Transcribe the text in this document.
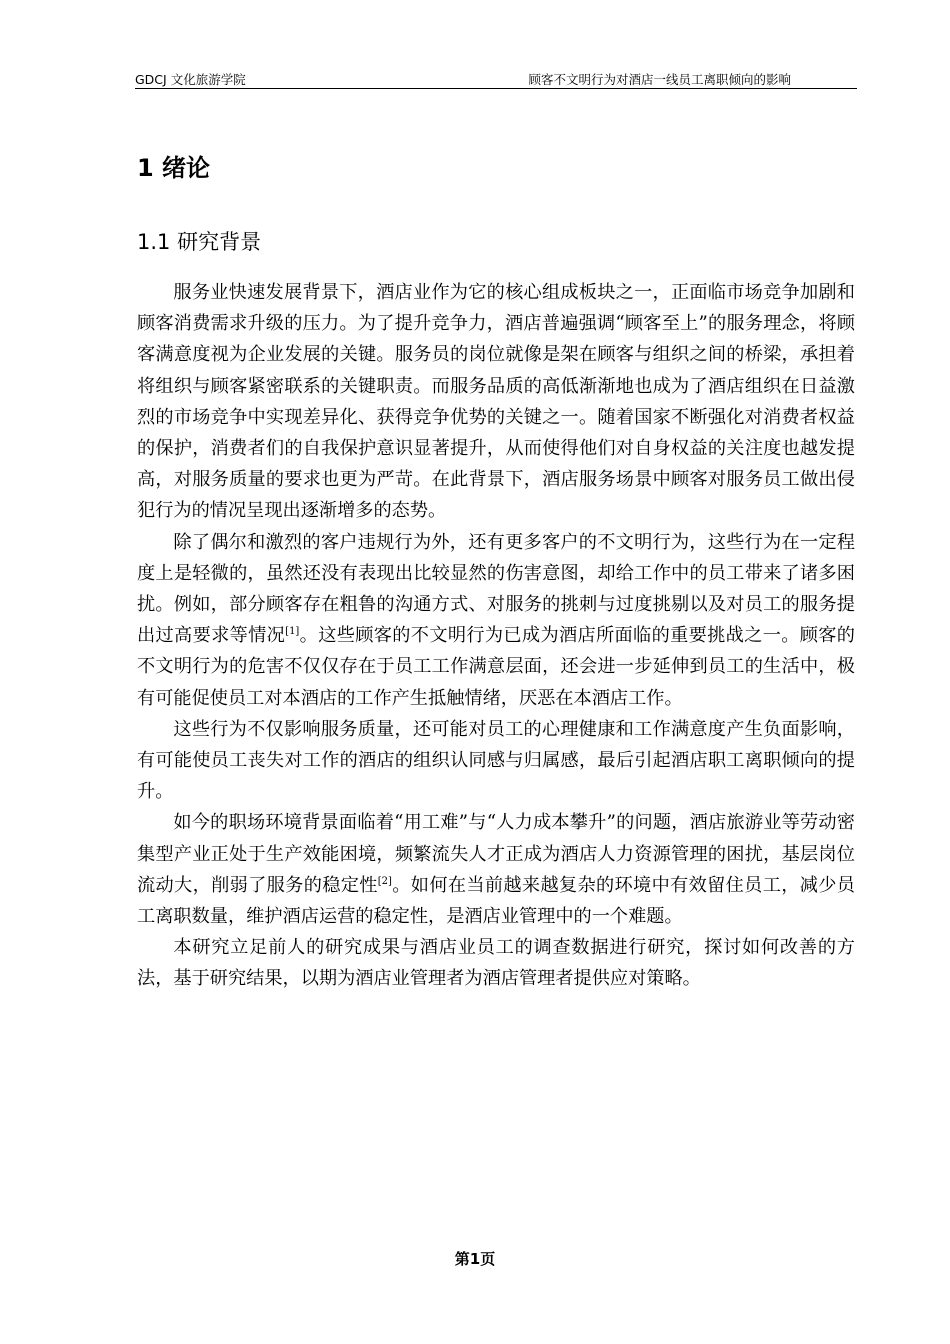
GDCJ 文化旅游学院	顾客不文明行为对酒店一线员工离职倾向的影响
1 绪论
1.1 研究背景

服务业快速发展背景下，酒店业作为它的核心组成板块之一，正面临市场竞争加剧和顾客消费需求升级的压力。为了提升竞争力，酒店普遍强调“顾客至上”的服务理念，将顾客满意度视为企业发展的关键。服务员的岗位就像是架在顾客与组织之间的桥梁，承担着将组织与顾客紧密联系的关键职责。而服务品质的高低渐渐地也成为了酒店组织在日益激烈的市场竞争中实现差异化、获得竞争优势的关键之一。随着国家不断强化对消费者权益的保护，消费者们的自我保护意识显著提升，从而使得他们对自身权益的关注度也越发提高，对服务质量的要求也更为严苛。在此背景下，酒店服务场景中顾客对服务员工做出侵犯行为的情况呈现出逐渐增多的态势。

除了偶尔和激烈的客户违规行为外，还有更多客户的不文明行为，这些行为在一定程度上是轻微的，虽然还没有表现出比较显然的伤害意图，却给工作中的员工带来了诸多困扰。例如，部分顾客存在粗鲁的沟通方式、对服务的挑刺与过度挑剔以及对员工的服务提出过高要求等情况[1]。这些顾客的不文明行为已成为酒店所面临的重要挑战之一。顾客的不文明行为的危害不仅仅存在于员工工作满意层面，还会进一步延伸到员工的生活中，极有可能促使员工对本酒店的工作产生抵触情绪，厌恶在本酒店工作。

这些行为不仅影响服务质量，还可能对员工的心理健康和工作满意度产生负面影响，有可能使员工丧失对工作的酒店的组织认同感与归属感，最后引起酒店职工离职倾向的提升。

如今的职场环境背景面临着“用工难”与“人力成本攀升”的问题，酒店旅游业等劳动密集型产业正处于生产效能困境，频繁流失人才正成为酒店人力资源管理的困扰，基层岗位流动大，削弱了服务的稳定性[2]。如何在当前越来越复杂的环境中有效留住员工，减少员工离职数量，维护酒店运营的稳定性，是酒店业管理中的一个难题。

本研究立足前人的研究成果与酒店业员工的调查数据进行研究，探讨如何改善的方法，基于研究结果，以期为酒店业管理者为酒店管理者提供应对策略。

第1页
